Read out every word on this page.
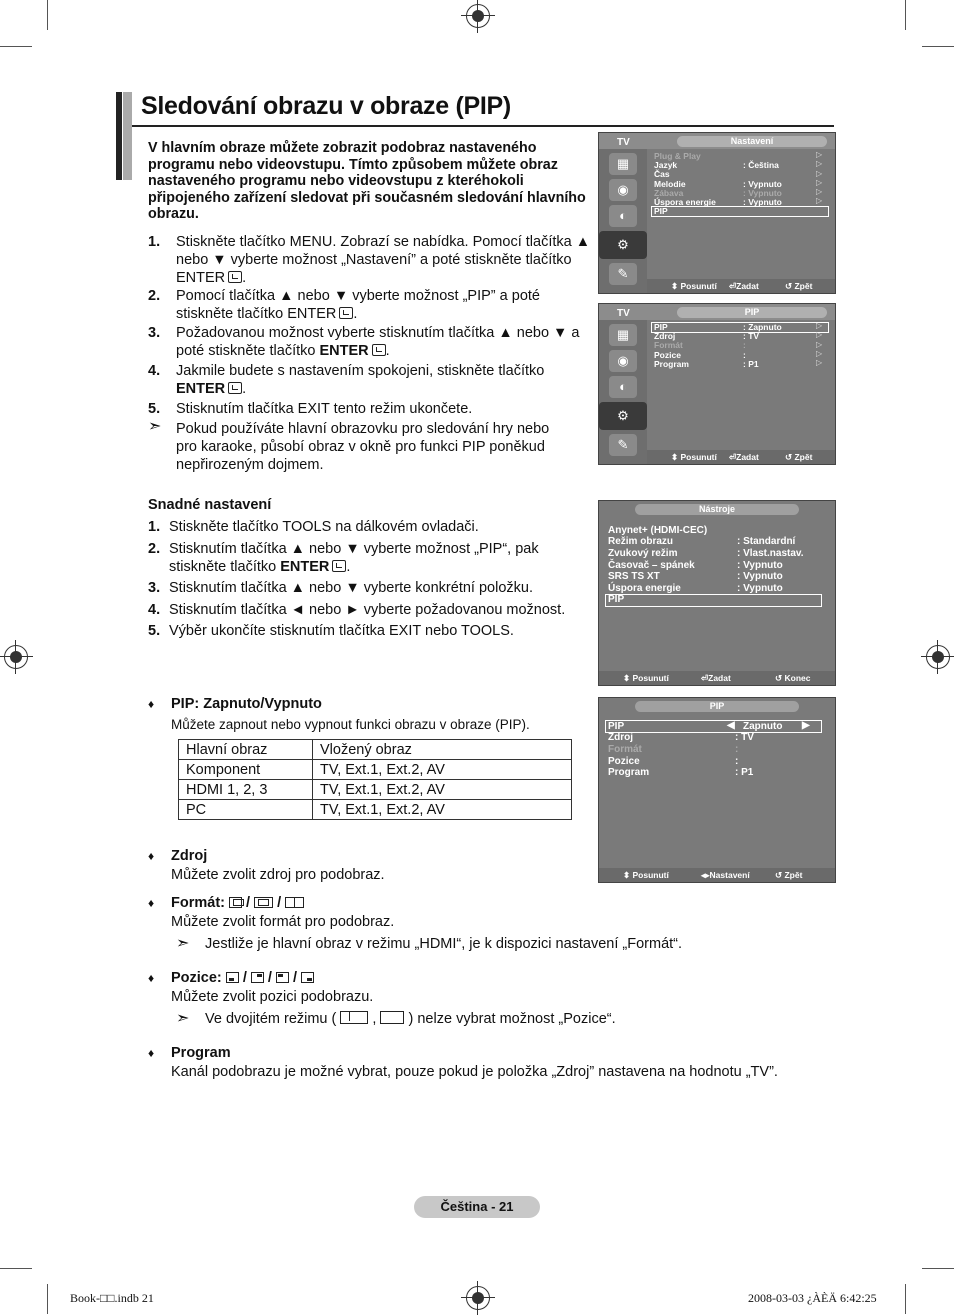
Sledování obrazu v obraze (PIP)
V hlavním obraze můžete zobrazit podobraz nastaveného programu nebo videovstupu. Tímto způsobem můžete obraz nastaveného programu nebo videovstupu z kteréhokoli připojeného zařízení sledovat při současném sledování hlavního obrazu.
1. Stiskněte tlačítko MENU. Zobrazí se nabídka. Pomocí tlačítka ▲ nebo ▼ vyberte možnost „Nastavení” a poté stiskněte tlačítko ENTER .
2. Pomocí tlačítka ▲ nebo ▼ vyberte možnost „PIP” a poté stiskněte tlačítko ENTER .
3. Požadovanou možnost vyberte stisknutím tlačítka ▲ nebo ▼ a poté stiskněte tlačítko ENTER .
4. Jakmile budete s nastavením spokojeni, stiskněte tlačítko ENTER .
5. Stisknutím tlačítka EXIT tento režim ukončete.
➣ Pokud používáte hlavní obrazovku pro sledování hry nebo pro karaoke, působí obraz v okně pro funkci PIP poněkud nepřirozeným dojmem.
Snadné nastavení
1. Stiskněte tlačítko TOOLS na dálkovém ovladači.
2. Stisknutím tlačítka ▲ nebo ▼ vyberte možnost „PIP“, pak stiskněte tlačítko ENTER .
3. Stisknutím tlačítka ▲ nebo ▼ vyberte konkrétní položku.
4. Stisknutím tlačítka ◄ nebo ► vyberte požadovanou možnost.
5. Výběr ukončíte stisknutím tlačítka EXIT nebo TOOLS.
TV	Nastavení
▦
◉
◐
⚙
✎
Plug & Play
Jazyk	: Čeština
Čas
Melodie	: Vypnuto
Zábava	: Vypnuto
Úspora energie	: Vypnuto
PIP
▷
▷
▷
▷
▷
▷
⬍ Posunutí ⏎Zadat	↺ Zpět
TV	PIP
▦
◉
◐
⚙
✎
PIP	: Zapnuto
Zdroj	: TV
Formát	:
Pozice	:
Program	: P1
▷
▷
▷
▷
▷
⬍ Posunutí ⏎Zadat	↺ Zpět
Nástroje
Anynet+ (HDMI-CEC)
Režim obrazu	: Standardní
Zvukový režim	: Vlast.nastav.
Časovač – spánek	: Vypnuto
SRS TS XT	: Vypnuto
Úspora energie	: Vypnuto
PIP
⬍ Posunutí	⏎Zadat	↺ Konec
PIP
PIP	◀ Zapnuto ▶
Zdroj	: TV
Formát	:
Pozice	:
Program	: P1
⬍ Posunutí	◂▸Nastavení	↺ Zpět
♦ PIP: Zapnuto/Vypnuto
Můžete zapnout nebo vypnout funkci obrazu v obraze (PIP).
Hlavní obraz	Vložený obraz
Komponent	TV, Ext.1, Ext.2, AV
HDMI 1, 2, 3	TV, Ext.1, Ext.2, AV
PC	TV, Ext.1, Ext.2, AV
♦ Zdroj
Můžete zvolit zdroj pro podobraz.
♦ Formát:  /  /
Můžete zvolit formát pro podobraz.
➣ Jestliže je hlavní obraz v režimu „HDMI“, je k dispozici nastavení „Formát“.
♦ Pozice:  /  /  /
Můžete zvolit pozici podobrazu.
➣ Ve dvojitém režimu (  ,  ) nelze vybrat možnost „Pozice“.
♦ Program
Kanál podobrazu je možné vybrat, pouze pokud je položka „Zdroj” nastavena na hodnotu „TV”.
Čeština - 21
Book-□□.indb 21	2008-03-03 ¿ÀÈÄ 6:42:25
